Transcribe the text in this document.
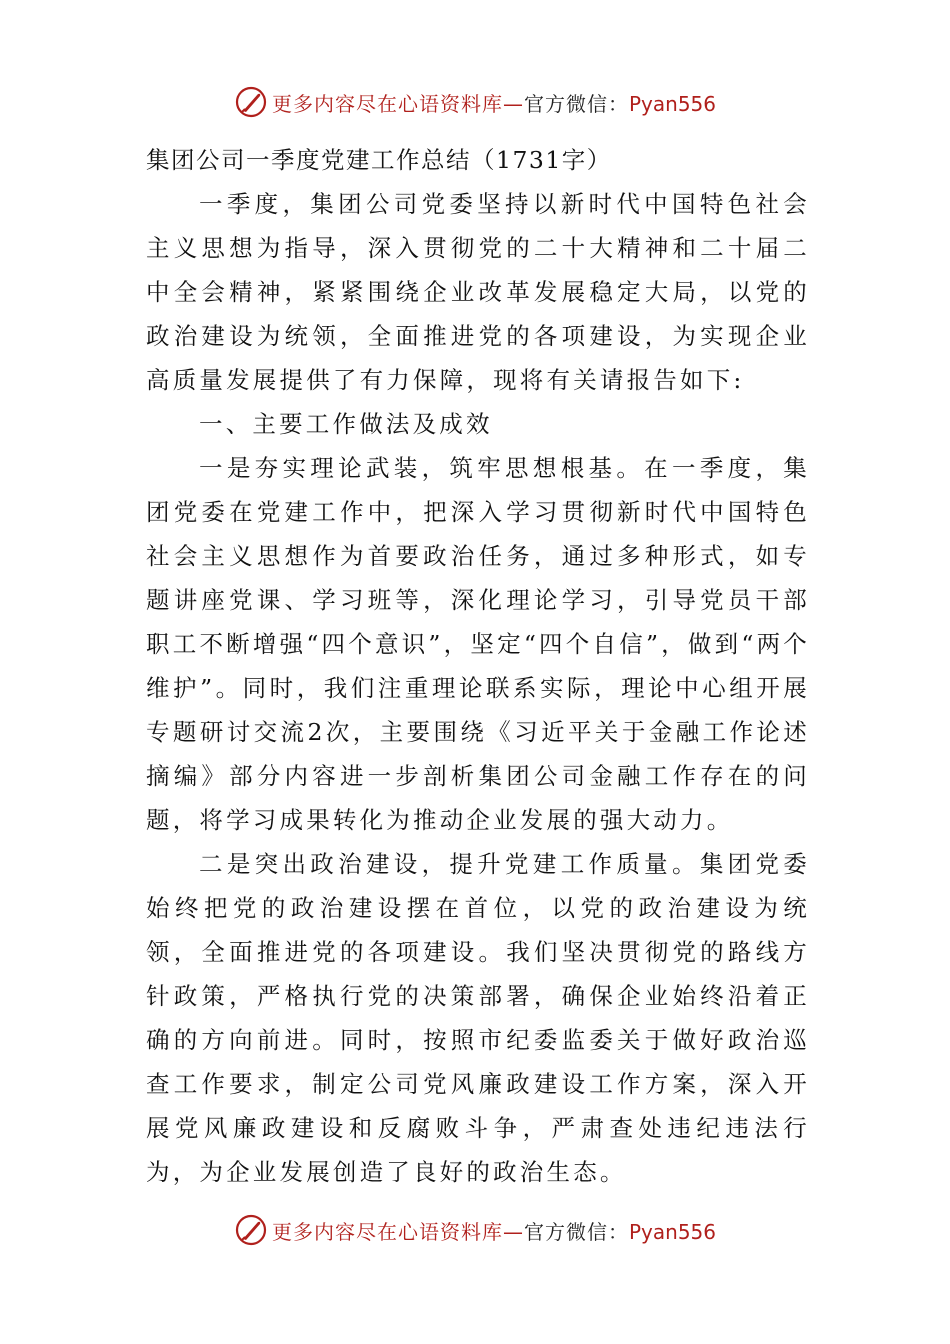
更多内容尽在心语资料库—官方微信：Pyan556

集团公司一季度党建工作总结（1731字）

一季度，集团公司党委坚持以新时代中国特色社会主义思想为指导，深入贯彻党的二十大精神和二十届二中全会精神，紧紧围绕企业改革发展稳定大局，以党的政治建设为统领，全面推进党的各项建设，为实现企业高质量发展提供了有力保障，现将有关请报告如下:

一、主要工作做法及成效

一是夯实理论武装，筑牢思想根基。在一季度，集团党委在党建工作中，把深入学习贯彻新时代中国特色社会主义思想作为首要政治任务，通过多种形式，如专题讲座党课、学习班等，深化理论学习，引导党员干部职工不断增强“四个意识”，坚定“四个自信”，做到“两个维护”。同时，我们注重理论联系实际，理论中心组开展专题研讨交流2次，主要围绕《习近平关于金融工作论述摘编》部分内容进一步剖析集团公司金融工作存在的问题，将学习成果转化为推动企业发展的强大动力。

二是突出政治建设，提升党建工作质量。集团党委始终把党的政治建设摆在首位，以党的政治建设为统领，全面推进党的各项建设。我们坚决贯彻党的路线方针政策，严格执行党的决策部署，确保企业始终沿着正确的方向前进。同时，按照市纪委监委关于做好政治巡查工作要求，制定公司党风廉政建设工作方案，深入开展党风廉政建设和反腐败斗争，严肃查处违纪违法行为，为企业发展创造了良好的政治生态。

更多内容尽在心语资料库—官方微信：Pyan556
